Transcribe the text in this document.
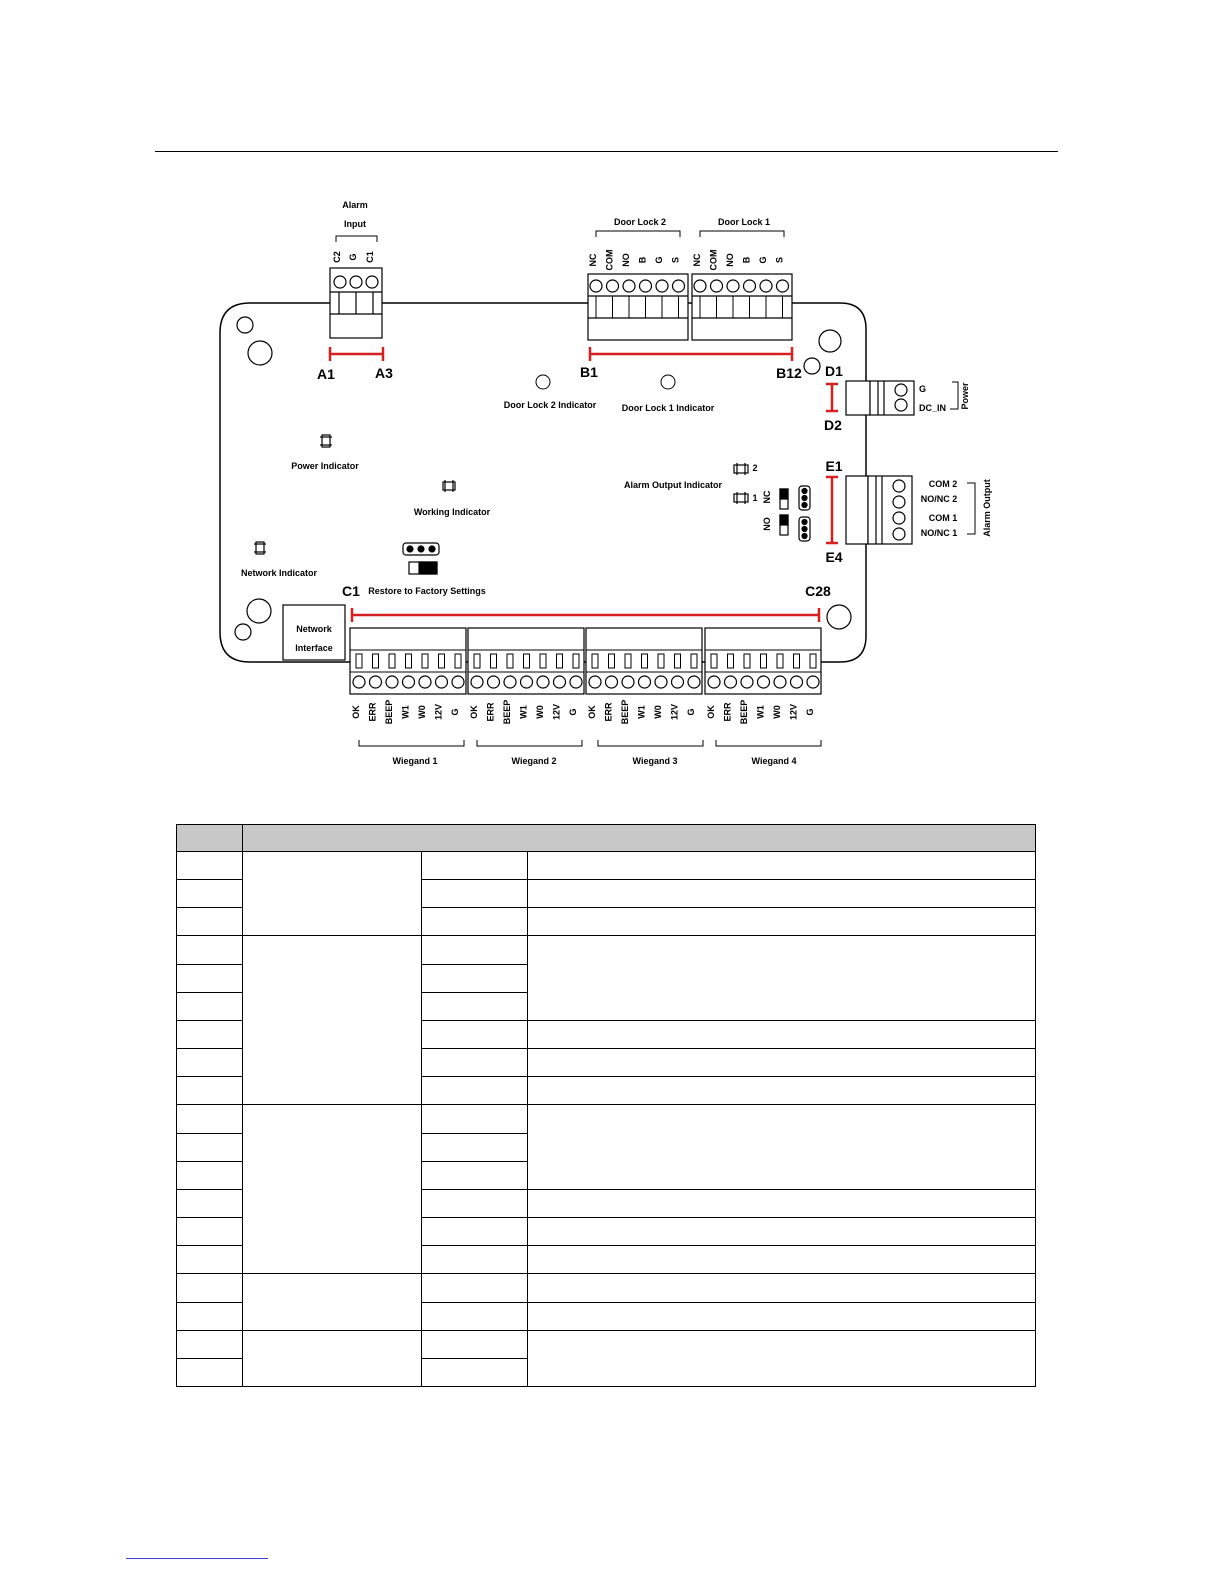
Alarm
Input
C2 G C1	NC COM NO B G S NC COM NO B G S
Door Lock 2	Door Lock 1
A1	A3	B1	B12 D1
D2
E1
E4
C1	C28
Door Lock 2 Indicator	Door Lock 1 Indicator
Power Indicator
Working Indicator
Network Indicator
Restore to Factory Settings
Network
Interface
2
1
Alarm Output Indicator
NC
NO
G
DC_IN Power
COM 2
NO/NC 2
COM 1
NO/NC 1	Alarm Output
OK ERR BEEP W1 W0 12V G OK ERR BEEP W1 W0 12V G OK ERR BEEP W1 W0 12V G OK ERR BEEP W1 W0 12V G
Wiegand 1	Wiegand 2	Wiegand 3	Wiegand 4
